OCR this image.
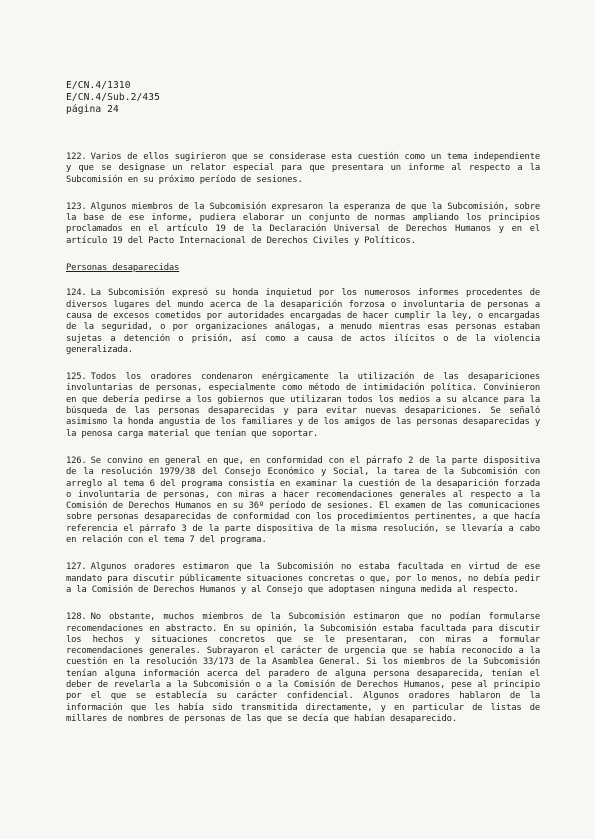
E/CN.4/1310
E/CN.4/Sub.2/435
página 24

122. Varios de ellos sugirieron que se considerase esta cuestión como un tema independiente y que se designase un relator especial para que presentara un informe al respecto a la Subcomisión en su próximo período de sesiones.

123. Algunos miembros de la Subcomisión expresaron la esperanza de que la Subcomisión, sobre la base de ese informe, pudiera elaborar un conjunto de normas ampliando los principios proclamados en el artículo 19 de la Declaración Universal de Derechos Humanos y en el artículo 19 del Pacto Internacional de Derechos Civiles y Políticos.

Personas desaparecidas

124. La Subcomisión expresó su honda inquietud por los numerosos informes procedentes de diversos lugares del mundo acerca de la desaparición forzosa o involuntaria de personas a causa de excesos cometidos por autoridades encargadas de hacer cumplir la ley, o encargadas de la seguridad, o por organizaciones análogas, a menudo mientras esas personas estaban sujetas a detención o prisión, así como a causa de actos ilícitos o de la violencia generalizada.

125. Todos los oradores condenaron enérgicamente la utilización de las desapariciones involuntarias de personas, especialmente como método de intimidación política. Convinieron en que debería pedirse a los gobiernos que utilizaran todos los medios a su alcance para la búsqueda de las personas desaparecidas y para evitar nuevas desapariciones. Se señaló asimismo la honda angustia de los familiares y de los amigos de las personas desaparecidas y la penosa carga material que tenían que soportar.

126. Se convino en general en que, en conformidad con el párrafo 2 de la parte dispositiva de la resolución 1979/38 del Consejo Económico y Social, la tarea de la Subcomisión con arreglo al tema 6 del programa consistía en examinar la cuestión de la desaparición forzada o involuntaria de personas, con miras a hacer recomendaciones generales al respecto a la Comisión de Derechos Humanos en su 36º período de sesiones. El examen de las comunicaciones sobre personas desaparecidas de conformidad con los procedimientos pertinentes, a que hacía referencia el párrafo 3 de la parte dispositiva de la misma resolución, se llevaría a cabo en relación con el tema 7 del programa.

127. Algunos oradores estimaron que la Subcomisión no estaba facultada en virtud de ese mandato para discutir públicamente situaciones concretas o que, por lo menos, no debía pedir a la Comisión de Derechos Humanos y al Consejo que adoptasen ninguna medida al respecto.

128. No obstante, muchos miembros de la Subcomisión estimaron que no podían formularse recomendaciones en abstracto. En su opinión, la Subcomisión estaba facultada para discutir los hechos y situaciones concretos que se le presentaran, con miras a formular recomendaciones generales. Subrayaron el carácter de urgencia que se había reconocido a la cuestión en la resolución 33/173 de la Asamblea General. Si los miembros de la Subcomisión tenían alguna información acerca del paradero de alguna persona desaparecida, tenían el deber de revelarla a la Subcomisión o a la Comisión de Derechos Humanos, pese al principio por el que se establecía su carácter confidencial. Algunos oradores hablaron de la información que les había sido transmitida directamente, y en particular de listas de millares de nombres de personas de las que se decía que habían desaparecido.
